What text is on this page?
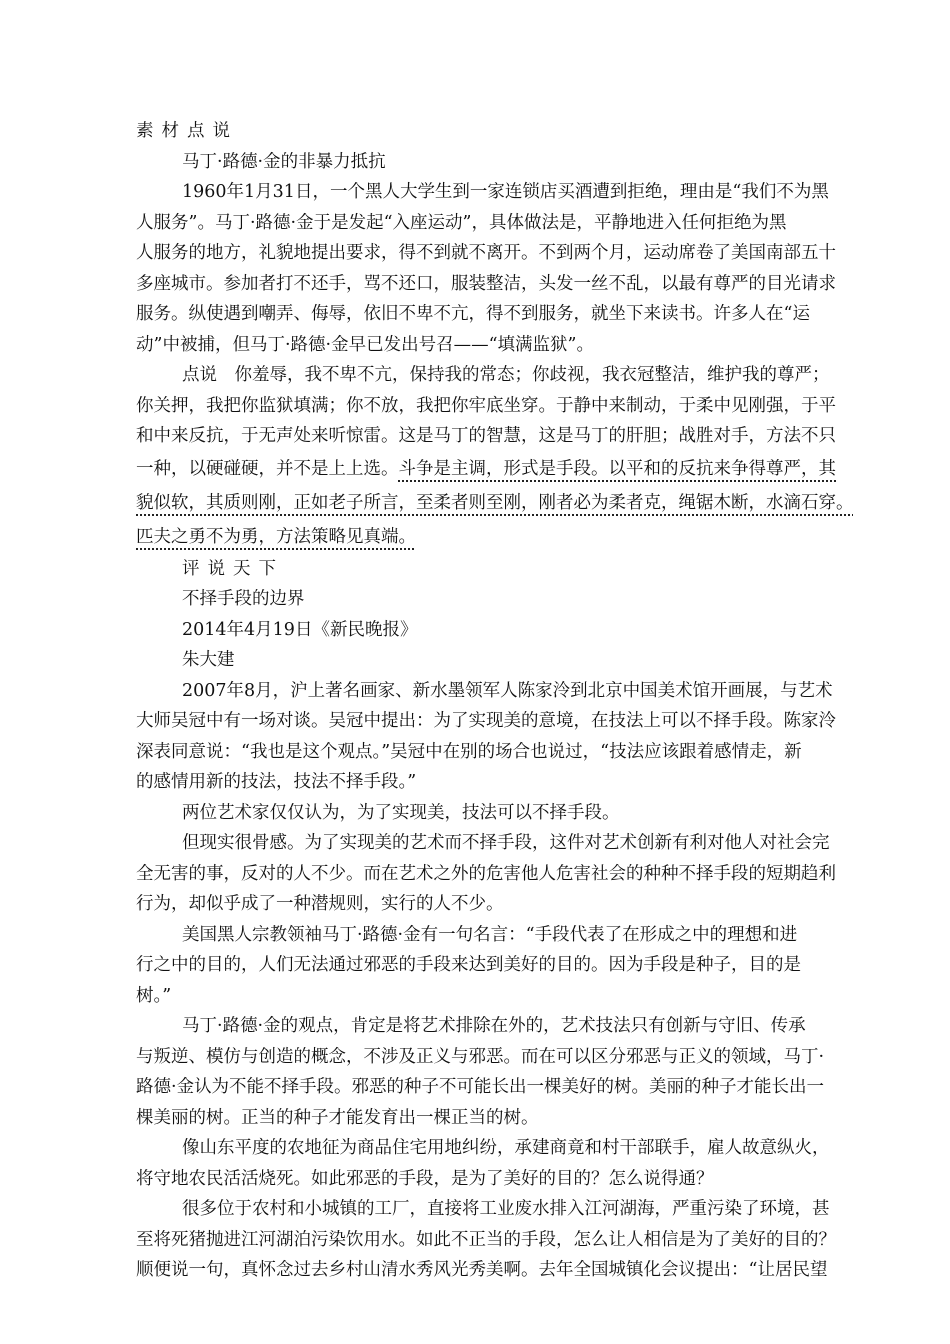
素材点说
马丁·路德·金的非暴力抵抗
1960年1月31日，一个黑人大学生到一家连锁店买酒遭到拒绝，理由是“我们不为黑
人服务”。马丁·路德·金于是发起“入座运动”，具体做法是，平静地进入任何拒绝为黑
人服务的地方，礼貌地提出要求，得不到就不离开。不到两个月，运动席卷了美国南部五十
多座城市。参加者打不还手，骂不还口，服装整洁，头发一丝不乱，以最有尊严的目光请求
服务。纵使遇到嘲弄、侮辱，依旧不卑不亢，得不到服务，就坐下来读书。许多人在“运
动”中被捕，但马丁·路德·金早已发出号召——“填满监狱”。
点说　你羞辱，我不卑不亢，保持我的常态；你歧视，我衣冠整洁，维护我的尊严；
你关押，我把你监狱填满；你不放，我把你牢底坐穿。于静中来制动，于柔中见刚强，于平
和中来反抗，于无声处来听惊雷。这是马丁的智慧，这是马丁的肝胆；战胜对手，方法不只
一种，以硬碰硬，并不是上上选。斗争是主调，形式是手段。以平和的反抗来争得尊严，其
貌似软，其质则刚，正如老子所言，至柔者则至刚，刚者必为柔者克，绳锯木断，水滴石穿。
匹夫之勇不为勇，方法策略见真端。
评说天下
不择手段的边界
2014年4月19日《新民晚报》
朱大建
2007年8月，沪上著名画家、新水墨领军人陈家泠到北京中国美术馆开画展，与艺术
大师吴冠中有一场对谈。吴冠中提出：为了实现美的意境，在技法上可以不择手段。陈家泠
深表同意说：“我也是这个观点。”吴冠中在别的场合也说过，“技法应该跟着感情走，新
的感情用新的技法，技法不择手段。”
两位艺术家仅仅认为，为了实现美，技法可以不择手段。
但现实很骨感。为了实现美的艺术而不择手段，这件对艺术创新有利对他人对社会完
全无害的事，反对的人不少。而在艺术之外的危害他人危害社会的种种不择手段的短期趋利
行为，却似乎成了一种潜规则，实行的人不少。
美国黑人宗教领袖马丁·路德·金有一句名言：“手段代表了在形成之中的理想和进
行之中的目的，人们无法通过邪恶的手段来达到美好的目的。因为手段是种子，目的是
树。”
马丁·路德·金的观点，肯定是将艺术排除在外的，艺术技法只有创新与守旧、传承
与叛逆、模仿与创造的概念，不涉及正义与邪恶。而在可以区分邪恶与正义的领域，马丁·
路德·金认为不能不择手段。邪恶的种子不可能长出一棵美好的树。美丽的种子才能长出一
棵美丽的树。正当的种子才能发育出一棵正当的树。
像山东平度的农地征为商品住宅用地纠纷，承建商竟和村干部联手，雇人故意纵火，
将守地农民活活烧死。如此邪恶的手段，是为了美好的目的？怎么说得通？
很多位于农村和小城镇的工厂，直接将工业废水排入江河湖海，严重污染了环境，甚
至将死猪抛进江河湖泊污染饮用水。如此不正当的手段，怎么让人相信是为了美好的目的？
顺便说一句，真怀念过去乡村山清水秀风光秀美啊。去年全国城镇化会议提出：“让居民望
